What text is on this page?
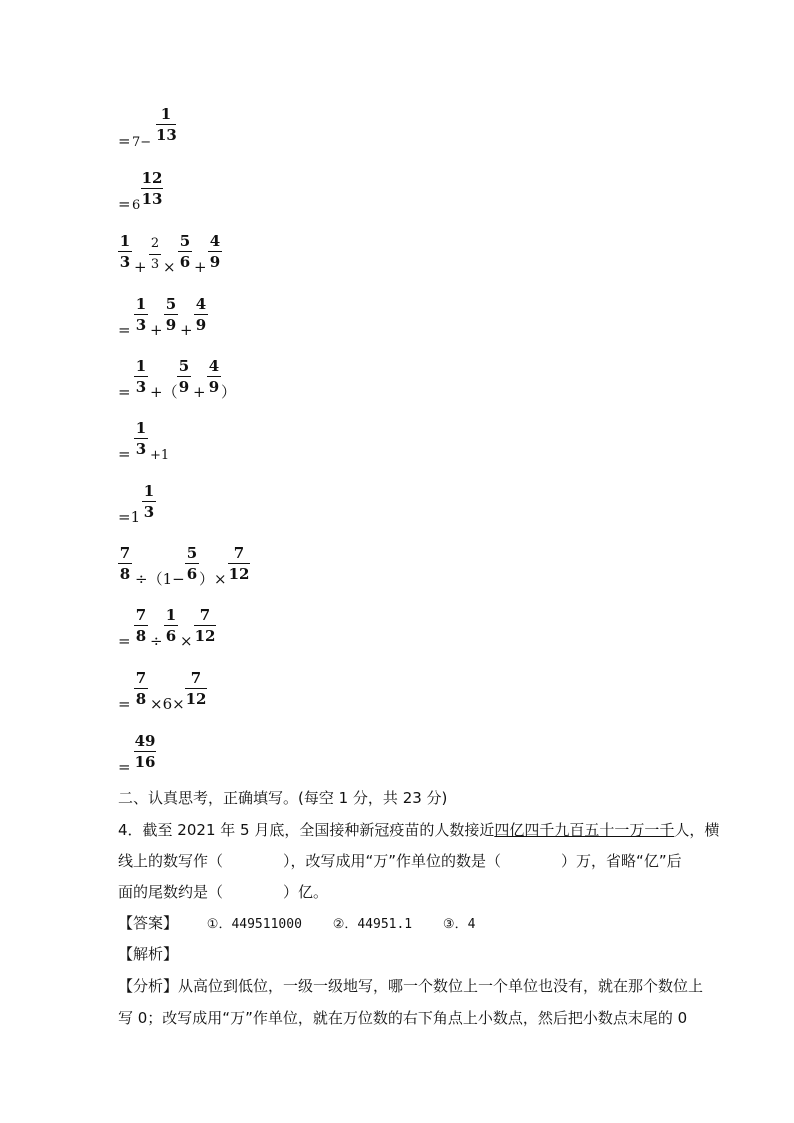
= 7−
1
13
= 6
12
13
1
3 +
2
3 ×
5
6 +
4
9
=
1
3 +
5
9 +
4
9
=
1
3 +（
5
9 +
4
9 ）
=
1
3 +1
=1
1
3
7
8 ÷（1−
5
6 ）×
7
12
=
7
8 ÷
1
6 ×
7
12
=
7
8 ×6×
7
12
=
49
16
二、认真思考，正确填写。(每空 1 分，共 23 分)
4．截至 2021 年 5 月底，全国接种新冠疫苗的人数接近四亿四千九百五十一万一千人，横
线上的数写作（　　　　），改写成用“万”作单位的数是（　　　　）万，省略“亿”后
面的尾数约是（　　　　）亿。
【答案】 ①．449511000 ②．44951.1 ③．4
【解析】
【分析】从高位到低位，一级一级地写，哪一个数位上一个单位也没有，就在那个数位上
写 0；改写成用“万”作单位，就在万位数的右下角点上小数点，然后把小数点末尾的 0
